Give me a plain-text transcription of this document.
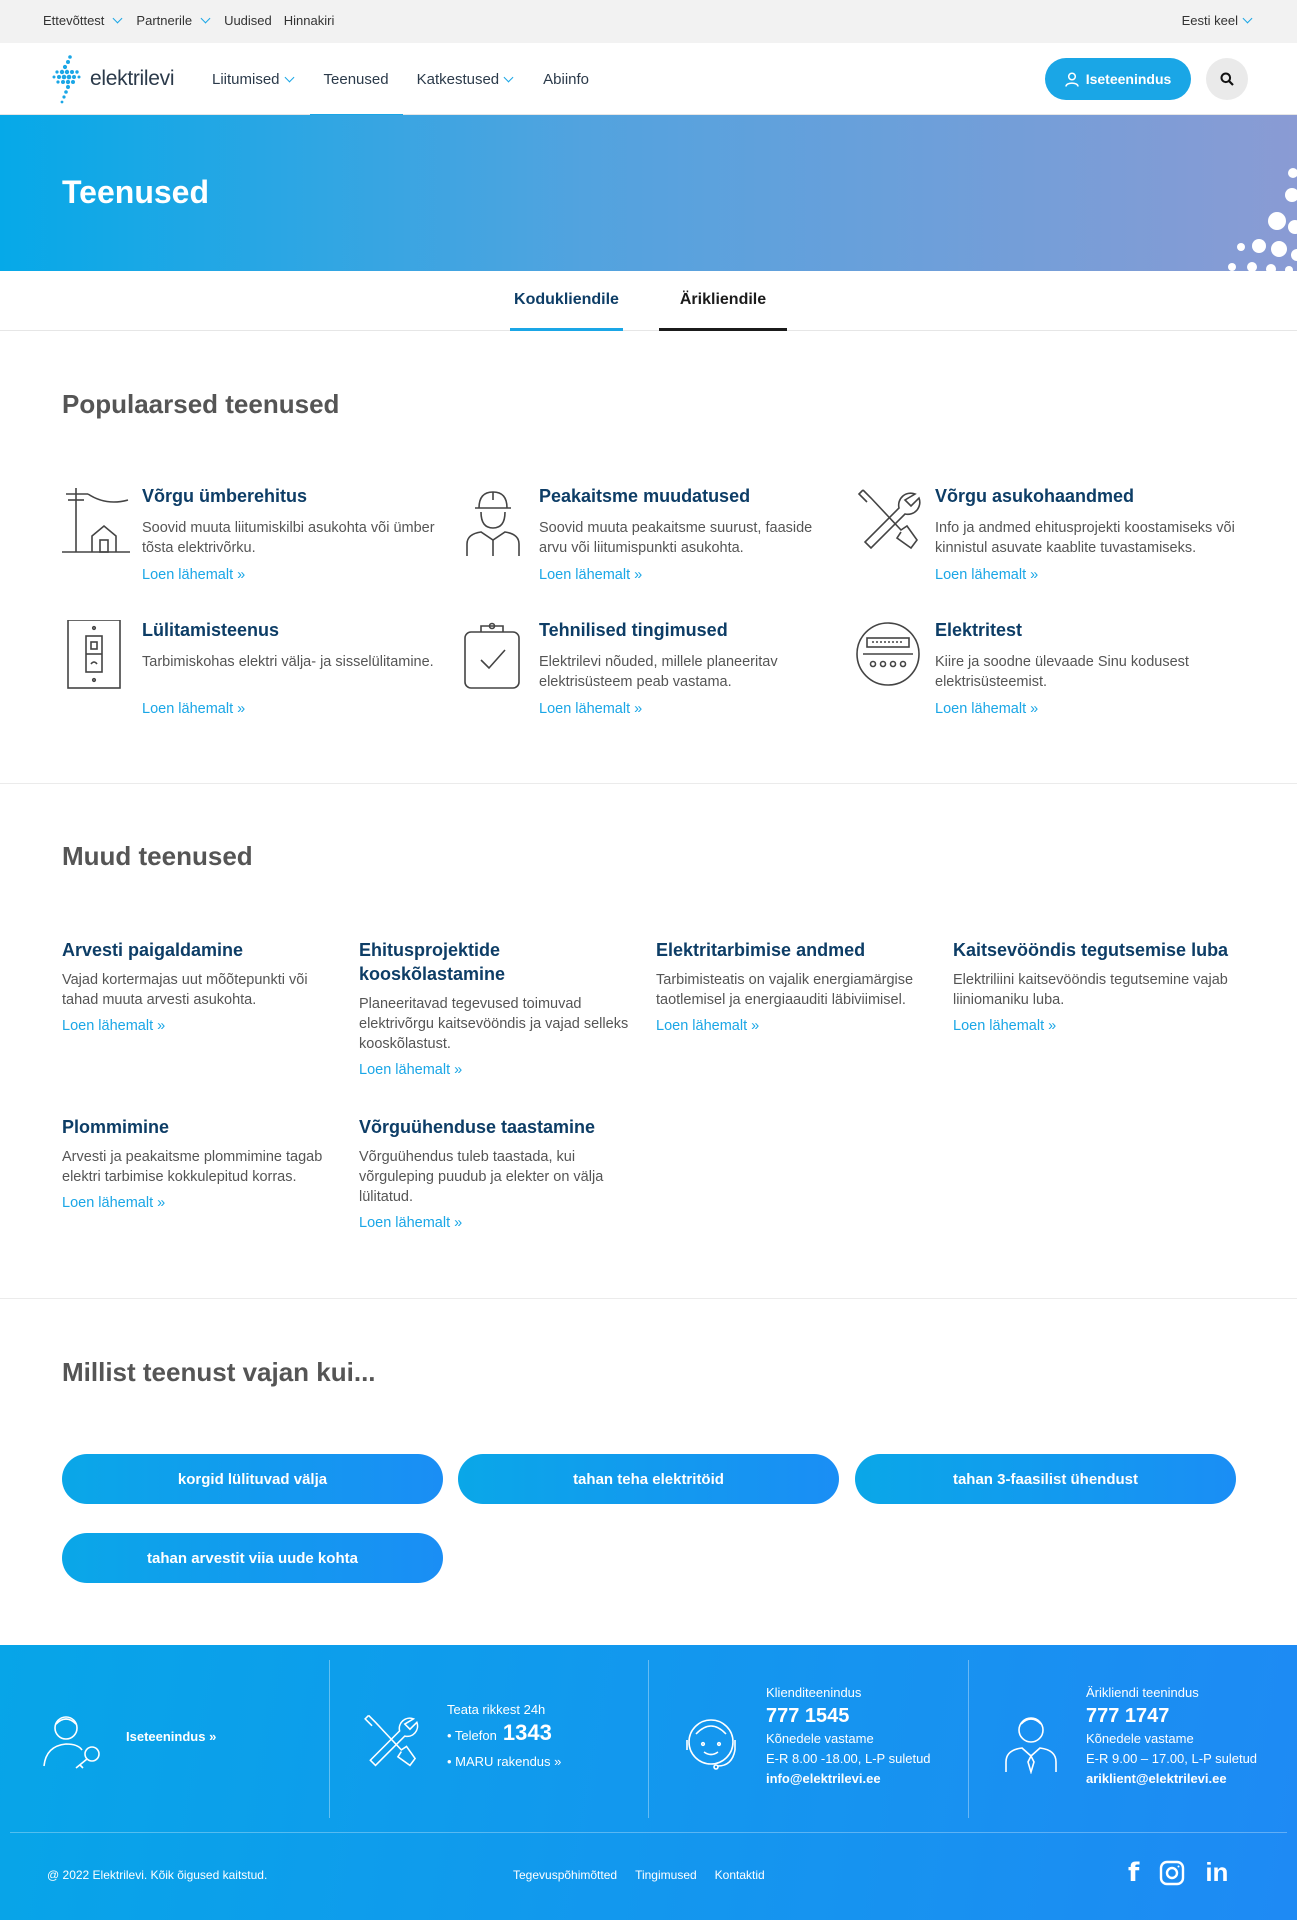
Ettevõttest Partnerile Uudised Hinnakiri	Eesti keel
elektrilevi	Liitumised	Teenused	Katkestused	Abiinfo	Iseteenindus
Teenused
Kodukliendile	Ärikliendile
Populaarsed teenused
Võrgu ümberehitus
Soovid muuta liitumiskilbi asukohta või ümber tõsta elektrivõrku.
Loen lähemalt »
Peakaitsme muudatused
Soovid muuta peakaitsme suurust, faaside arvu või liitumispunkti asukohta.
Loen lähemalt »
Võrgu asukohaandmed
Info ja andmed ehitusprojekti koostamiseks või kinnistul asuvate kaablite tuvastamiseks.
Loen lähemalt »
Lülitamisteenus
Tarbimiskohas elektri välja- ja sisselülitamine.
Loen lähemalt »
Tehnilised tingimused
Elektrilevi nõuded, millele planeeritav elektrisüsteem peab vastama.
Loen lähemalt »
Elektritest
Kiire ja soodne ülevaade Sinu kodusest elektrisüsteemist.
Loen lähemalt »
Muud teenused
Arvesti paigaldamine
Vajad kortermajas uut mõõtepunkti või tahad muuta arvesti asukohta.
Loen lähemalt »
Ehitusprojektide kooskõlastamine
Planeeritavad tegevused toimuvad elektrivõrgu kaitsevööndis ja vajad selleks kooskõlastust.
Loen lähemalt »
Elektritarbimise andmed
Tarbimisteatis on vajalik energiamärgise taotlemisel ja energiaauditi läbiviimisel.
Loen lähemalt »
Kaitsevööndis tegutsemise luba
Elektriliini kaitsevööndis tegutsemine vajab liiniomaniku luba.
Loen lähemalt »
Plommimine
Arvesti ja peakaitsme plommimine tagab elektri tarbimise kokkulepitud korras.
Loen lähemalt »
Võrguühenduse taastamine
Võrguühendus tuleb taastada, kui võrguleping puudub ja elekter on välja lülitatud.
Loen lähemalt »
Millist teenust vajan kui...
korgid lülituvad välja	tahan teha elektritöid	tahan 3-faasilist ühendust
tahan arvestit viia uude kohta
Iseteenindus »
Teata rikkest 24h
• Telefon 1343
• MARU rakendus »
Klienditeenindus
777 1545
Kõnedele vastame
E-R 8.00 -18.00, L-P suletud
info@elektrilevi.ee
Ärikliendi teenindus
777 1747
Kõnedele vastame
E-R 9.00 – 17.00, L-P suletud
ariklient@elektrilevi.ee
@ 2022 Elektrilevi. Kõik õigused kaitstud.	Tegevuspõhimõtted Tingimused Kontaktid	f	in
